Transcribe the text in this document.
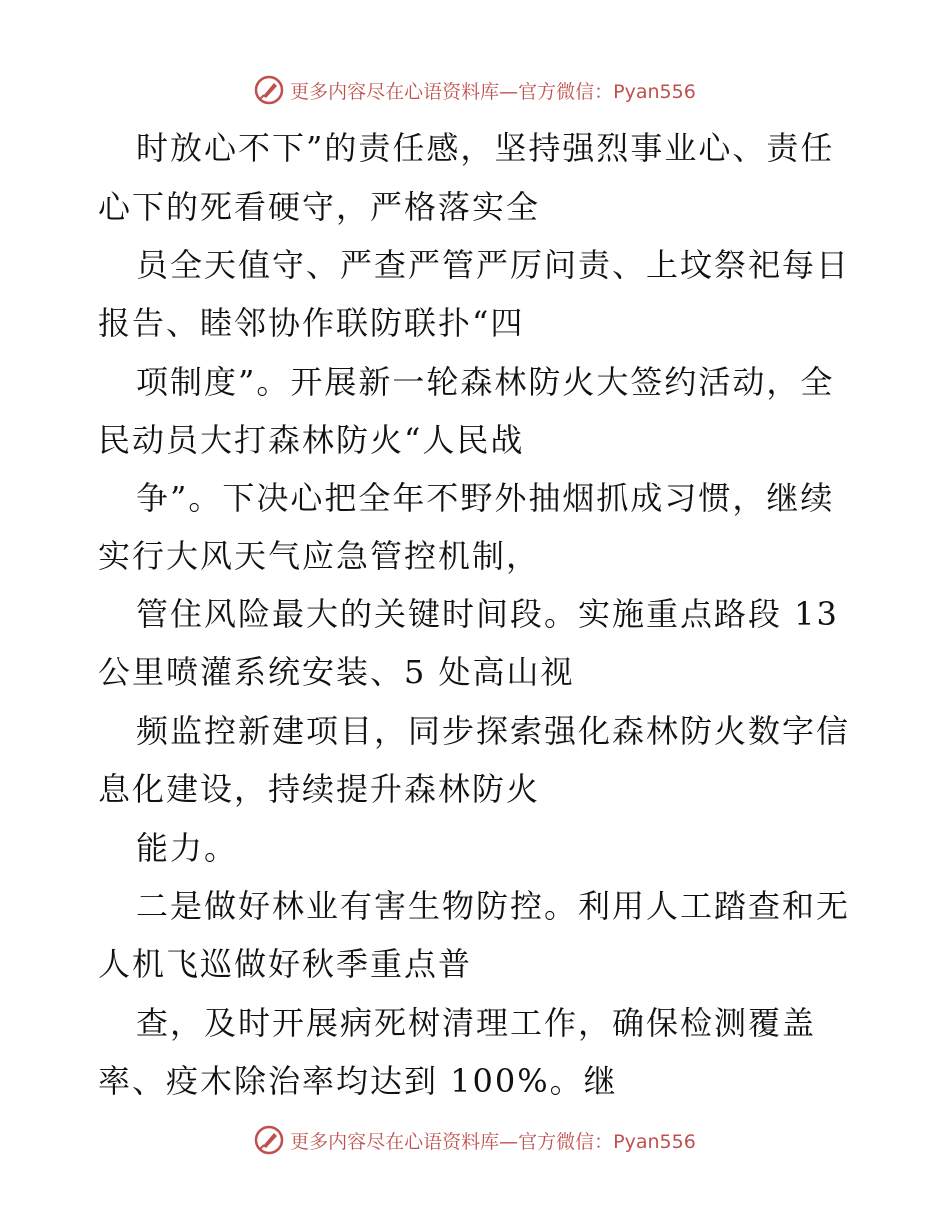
更多内容尽在心语资料库—官方微信：Pyan556
时放心不下”的责任感，坚持强烈事业心、责任
心下的死看硬守，严格落实全
员全天值守、严查严管严厉问责、上坟祭祀每日
报告、睦邻协作联防联扑“四
项制度”。开展新一轮森林防火大签约活动，全
民动员大打森林防火“人民战
争”。下决心把全年不野外抽烟抓成习惯，继续
实行大风天气应急管控机制，
管住风险最大的关键时间段。实施重点路段 13
公里喷灌系统安装、5 处高山视
频监控新建项目，同步探索强化森林防火数字信
息化建设，持续提升森林防火
能力。
二是做好林业有害生物防控。利用人工踏查和无
人机飞巡做好秋季重点普
查，及时开展病死树清理工作，确保检测覆盖
率、疫木除治率均达到 100%。继
更多内容尽在心语资料库—官方微信：Pyan556
